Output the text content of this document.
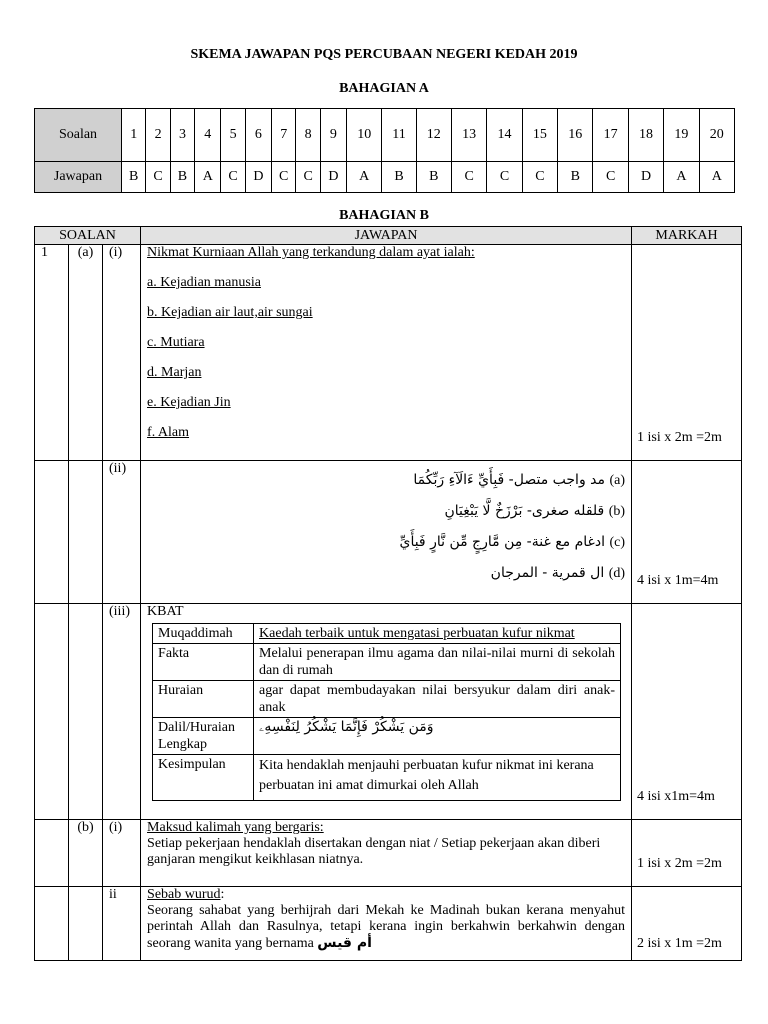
SKEMA JAWAPAN PQS PERCUBAAN NEGERI KEDAH 2019
BAHAGIAN A
Soalan	1	2	3	4	5	6	7	8	9	10	11	12	13	14	15	16	17	18	19	20
Jawapan	B	C	B	A	C	D	C	C	D	A	B	B	C	C	C	B	C	D	A	A
BAHAGIAN B
SOALAN	JAWAPAN	MARKAH
1	(a)	(i)	Nikmat Kurniaan Allah yang terkandung dalam ayat ialah:
a. Kejadian manusia
b. Kejadian air laut,air sungai
c. Mutiara
d. Marjan
e. Kejadian Jin
f. Alam	1 isi x 2m =2m

		(ii)	
(a) مد واجب متصل- فَبِأَيِّ ءَالَآءِ رَبِّكُمَا
(b) قلقله صغرى- بَرْزَخٌ لَّا يَبْغِيَانِ
(c) ادغام مع غنة- مِن مَّارِجٍ مِّن نَّارٍ فَبِأَيِّ
(d) ال قمرية - المرجان	4 isi x 1m=4m

		(iii)	KBAT
Muqaddimah	Kaedah terbaik untuk mengatasi perbuatan kufur nikmat
Fakta	Melalui penerapan ilmu agama dan nilai-nilai murni di sekolah dan di rumah
Huraian	agar dapat membudayakan nilai bersyukur dalam diri anak-anak
Dalil/Huraian Lengkap	وَمَن يَشْكُرْ فَإِنَّمَا يَشْكُرُ لِنَفْسِهِۦ
Kesimpulan	Kita hendaklah menjauhi perbuatan kufur nikmat ini kerana perbuatan ini amat dimurkai oleh Allah

4 isi x1m=4m

	(b)	(i)	Maksud kalimah yang bergaris:
Setiap pekerjaan hendaklah disertakan dengan niat / Setiap pekerjaan akan diberi ganjaran mengikut keikhlasan niatnya.	1 isi x 2m =2m

		ii	Sebab wurud:
Seorang sahabat yang berhijrah dari Mekah ke Madinah bukan kerana menyahut perintah Allah dan Rasulnya, tetapi kerana ingin berkahwin berkahwin dengan seorang wanita yang bernama أم قيس	2 isi x 1m =2m
